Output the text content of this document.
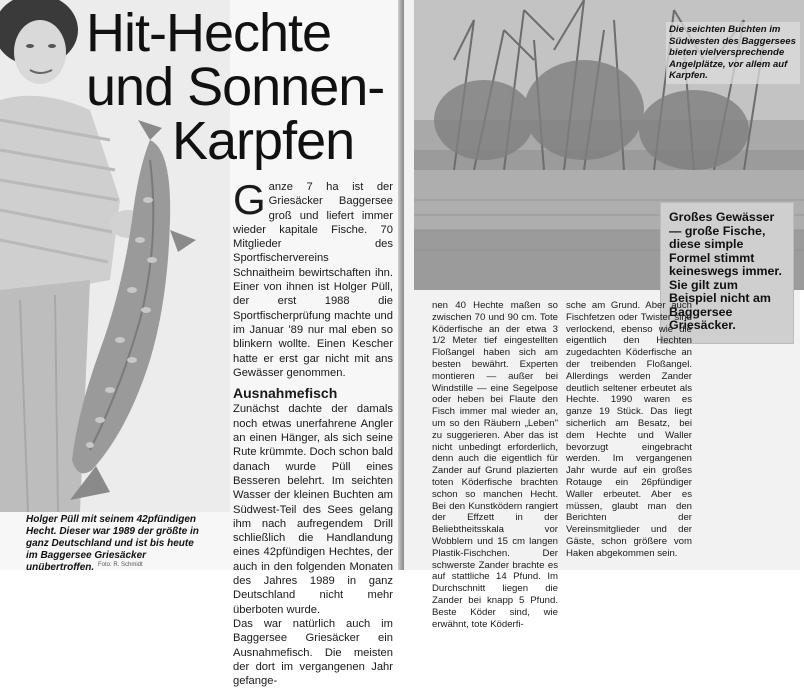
Hit-Hechte
und Sonnen-
Karpfen
G anze 7 ha ist der Griesäcker Baggersee groß und liefert immer wieder kapitale Fische. 70 Mitglieder des Sportfischervereins Schnaitheim bewirtschaften ihn. Einer von ihnen ist Holger Püll, der erst 1988 die Sportfischerprüfung machte und im Januar '89 nur mal eben so blinkern wollte. Einen Kescher hatte er erst gar nicht mit ans Gewässer genommen.
Ausnahmefisch
Zunächst dachte der damals noch etwas unerfahrene Angler an einen Hänger, als sich seine Rute krümmte. Doch schon bald danach wurde Püll eines Besseren belehrt. Im seichten Wasser der kleinen Buchten am Südwest-Teil des Sees gelang ihm nach aufregendem Drill schließlich die Handlandung eines 42pfündigen Hechtes, der auch in den folgenden Monaten des Jahres 1989 in ganz Deutschland nicht mehr überboten wurde.
Das war natürlich auch im Baggersee Griesäcker ein Ausnahmefisch. Die meisten der dort im vergangenen Jahr gefange-
Holger Püll mit seinem 42pfündigen Hecht. Dieser war 1989 der größte in ganz Deutschland und ist bis heute im Baggersee Griesäcker unübertroffen. Foto: R. Schmidt
Die seichten Buchten im Südwesten des Baggersees bieten vielversprechende Angelplätze, vor allem auf Karpfen.
Großes Gewässer — große Fische, diese simple Formel stimmt keineswegs immer. Sie gilt zum Beispiel nicht am Baggersee Griesäcker.
nen 40 Hechte maßen so zwischen 70 und 90 cm. Tote Köderfische an der etwa 3 1/2 Meter tief eingestellten Floßangel haben sich am besten bewährt. Experten montieren — außer bei Windstille — eine Segelpose oder heben bei Flaute den Fisch immer mal wieder an, um so den Räubern „Leben" zu suggerieren. Aber das ist nicht unbedingt erforderlich, denn auch die eigentlich für Zander auf Grund plazierten toten Köderfische brachten schon so manchen Hecht. Bei den Kunstködern rangiert der Effzett in der Beliebtheitsskala vor Wobblern und 15 cm langen Plastik-Fischchen. Der schwerste Zander brachte es auf stattliche 14 Pfund. Im Durchschnitt liegen die Zander bei knapp 5 Pfund. Beste Köder sind, wie erwähnt, tote Köderfi-
sche am Grund. Aber auch Fischfetzen oder Twister sind verlockend, ebenso wie die eigentlich den Hechten zugedachten Köderfische an der treibenden Floßangel. Allerdings werden Zander deutlich seltener erbeutet als Hechte. 1990 waren es ganze 19 Stück. Das liegt sicherlich am Besatz, bei dem Hechte und Waller bevorzugt eingebracht werden. Im vergangenen Jahr wurde auf ein großes Rotauge ein 26pfündiger Waller erbeutet. Aber es müssen, glaubt man den Berichten der Vereinsmitglieder und der Gäste, schon größere vom Haken abgekommen sein.
